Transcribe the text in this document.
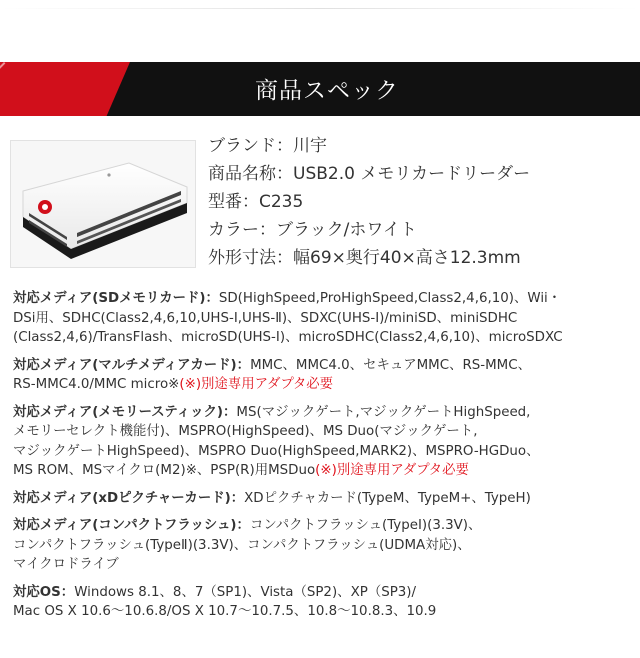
商品スペック
ブランド：川宇
商品名称：USB2.0 メモリカードリーダー
型番：C235
カラー：ブラック/ホワイト
外形寸法：幅69×奥行40×高さ12.3mm
対応メディア(SDメモリカード)：SD(HighSpeed,ProHighSpeed,Class2,4,6,10)、Wii・
DSi用、SDHC(Class2,4,6,10,UHS-I,UHS-Ⅱ)、SDXC(UHS-I)/miniSD、miniSDHC
(Class2,4,6)/TransFlash、microSD(UHS-I)、microSDHC(Class2,4,6,10)、microSDXC
対応メディア(マルチメディアカード)：MMC、MMC4.0、セキュアMMC、RS-MMC、
RS-MMC4.0/MMC micro※(※)別途専用アダプタ必要
対応メディア(メモリースティック)：MS(マジックゲート,マジックゲートHighSpeed,
メモリーセレクト機能付)、MSPRO(HighSpeed)、MS Duo(マジックゲート,
マジックゲートHighSpeed)、MSPRO Duo(HighSpeed,MARK2)、MSPRO-HGDuo、
MS ROM、MSマイクロ(M2)※、PSP(R)用MSDuo(※)別途専用アダプタ必要
対応メディア(xDピクチャーカード)：XDピクチャカード(TypeM、TypeM+、TypeH)
対応メディア(コンパクトフラッシュ)：コンパクトフラッシュ(TypeI)(3.3V)、
コンパクトフラッシュ(TypeⅡ)(3.3V)、コンパクトフラッシュ(UDMA対応)、
マイクロドライブ
対応OS：Windows 8.1、8、7（SP1)、Vista（SP2)、XP（SP3)/
Mac OS X 10.6〜10.6.8/OS X 10.7〜10.7.5、10.8〜10.8.3、10.9
